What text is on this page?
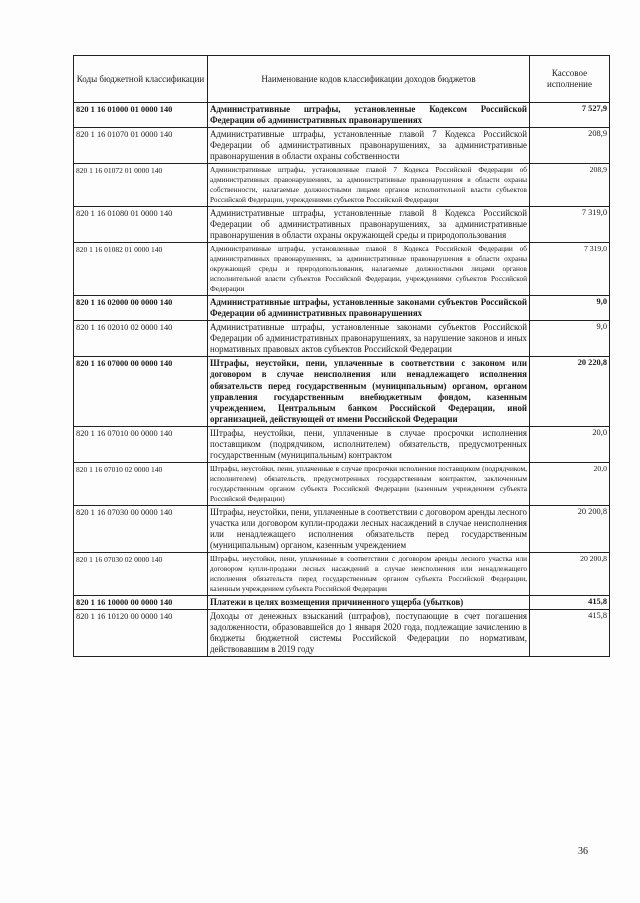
Коды бюджетной классификации	Наименование кодов классификации доходов бюджетов	Кассовое исполнение
820 1 16 01000 01 0000 140	Административные штрафы, установленные Кодексом Российской Федерации об административных правонарушениях	7 527,9
820 1 16 01070 01 0000 140	Административные штрафы, установленные главой 7 Кодекса Российской Федерации об административных правонарушениях, за административные правонарушения в области охраны собственности	208,9
820 1 16 01072 01 0000 140	Административные штрафы, установленные главой 7 Кодекса Российской Федерации об административных правонарушениях, за административные правонарушения в области охраны собственности, налагаемые должностными лицами органов исполнительной власти субъектов Российской Федерации, учреждениями субъектов Российской Федерации	208,9
820 1 16 01080 01 0000 140	Административные штрафы, установленные главой 8 Кодекса Российской Федерации об административных правонарушениях, за административные правонарушения в области охраны окружающей среды и природопользования	7 319,0
820 1 16 01082 01 0000 140	Административные штрафы, установленные главой 8 Кодекса Российской Федерации об административных правонарушениях, за административные правонарушения в области охраны окружающей среды и природопользования, налагаемые должностными лицами органов исполнительной власти субъектов Российской Федерации, учреждениями субъектов Российской Федерации	7 319,0
820 1 16 02000 00 0000 140	Административные штрафы, установленные законами субъектов Российской Федерации об административных правонарушениях	9,0
820 1 16 02010 02 0000 140	Административные штрафы, установленные законами субъектов Российской Федерации об административных правонарушениях, за нарушение законов и иных нормативных правовых актов субъектов Российской Федерации	9,0
820 1 16 07000 00 0000 140	Штрафы, неустойки, пени, уплаченные в соответствии с законом или договором в случае неисполнения или ненадлежащего исполнения обязательств перед государственным (муниципальным) органом, органом управления государственным внебюджетным фондом, казенным учреждением, Центральным банком Российской Федерации, иной организацией, действующей от имени Российской Федерации	20 220,8
820 1 16 07010 00 0000 140	Штрафы, неустойки, пени, уплаченные в случае просрочки исполнения поставщиком (подрядчиком, исполнителем) обязательств, предусмотренных государственным (муниципальным) контрактом	20,0
820 1 16 07010 02 0000 140	Штрафы, неустойки, пени, уплаченные в случае просрочки исполнения поставщиком (подрядчиком, исполнителем) обязательств, предусмотренных государственным контрактом, заключенным государственным органом субъекта Российской Федерации (казенным учреждением субъекта Российской Федерации)	20,0
820 1 16 07030 00 0000 140	Штрафы, неустойки, пени, уплаченные в соответствии с договором аренды лесного участка или договором купли-продажи лесных насаждений в случае неисполнения или ненадлежащего исполнения обязательств перед государственным (муниципальным) органом, казенным учреждением	20 200,8
820 1 16 07030 02 0000 140	Штрафы, неустойки, пени, уплаченные в соответствии с договором аренды лесного участка или договором купли-продажи лесных насаждений в случае неисполнения или ненадлежащего исполнения обязательств перед государственным органом субъекта Российской Федерации, казенным учреждением субъекта Российской Федерации	20 200,8
820 1 16 10000 00 0000 140	Платежи в целях возмещения причиненного ущерба (убытков)	415,8
820 1 16 10120 00 0000 140	Доходы от денежных взысканий (штрафов), поступающие в счет погашения задолженности, образовавшейся до 1 января 2020 года, подлежащие зачислению в бюджеты бюджетной системы Российской Федерации по нормативам, действовавшим в 2019 году	415,8
36
